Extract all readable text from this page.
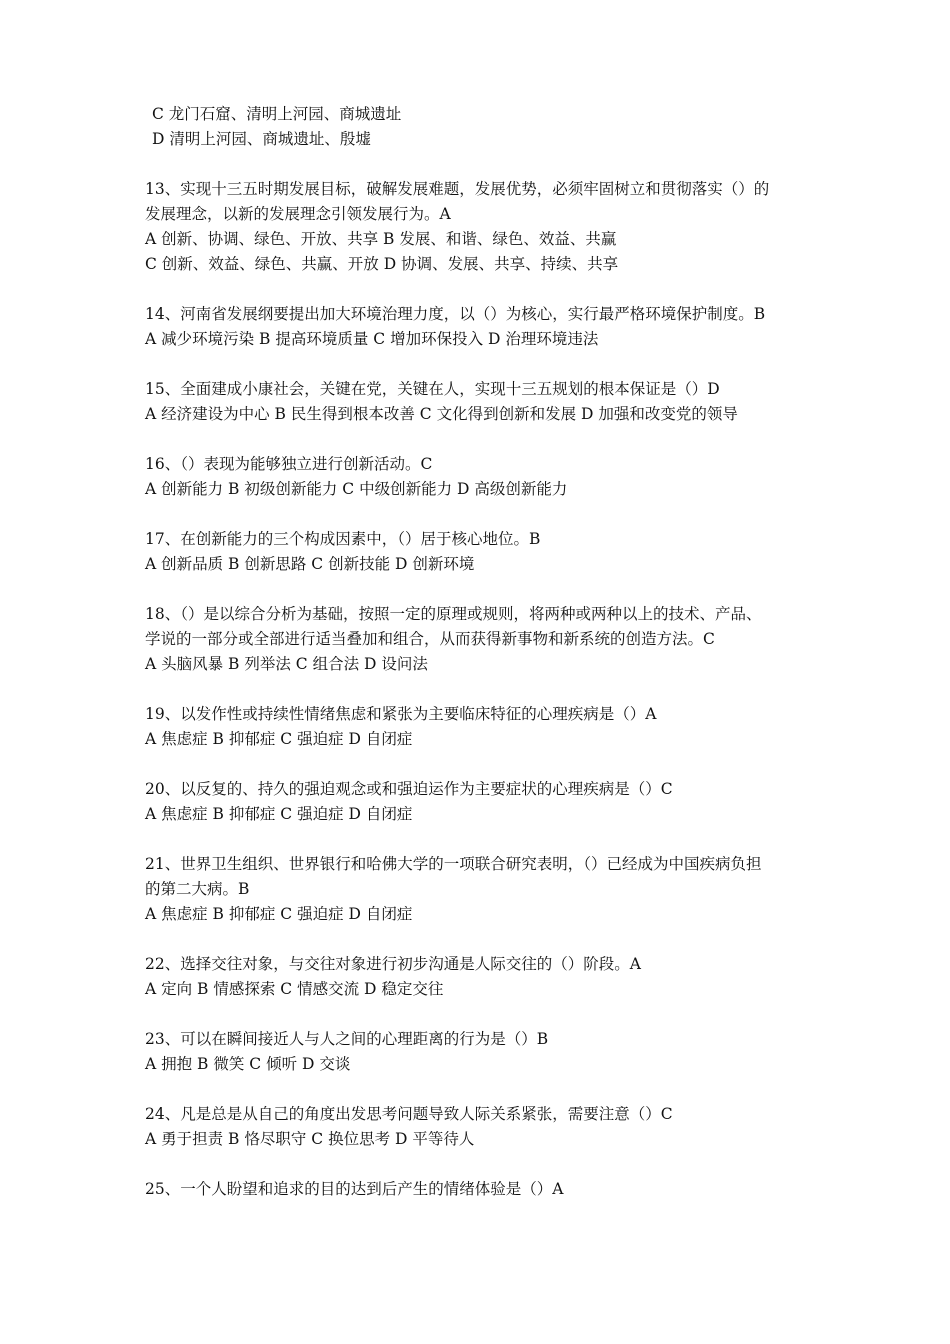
C 龙门石窟、清明上河园、商城遗址
D 清明上河园、商城遗址、殷墟
13、实现十三五时期发展目标，破解发展难题，发展优势，必须牢固树立和贯彻落实（）的
发展理念，以新的发展理念引领发展行为。A
A 创新、协调、绿色、开放、共享 B 发展、和谐、绿色、效益、共赢
C 创新、效益、绿色、共赢、开放 D 协调、发展、共享、持续、共享
14、河南省发展纲要提出加大环境治理力度，以（）为核心，实行最严格环境保护制度。B
A 减少环境污染 B 提高环境质量 C 增加环保投入 D 治理环境违法
15、全面建成小康社会，关键在党，关键在人，实现十三五规划的根本保证是（）D
A 经济建设为中心 B 民生得到根本改善 C 文化得到创新和发展 D 加强和改变党的领导
16、（）表现为能够独立进行创新活动。C
A 创新能力 B 初级创新能力 C 中级创新能力 D 高级创新能力
17、在创新能力的三个构成因素中，（）居于核心地位。B
A 创新品质 B 创新思路 C 创新技能 D 创新环境
18、（）是以综合分析为基础，按照一定的原理或规则，将两种或两种以上的技术、产品、
学说的一部分或全部进行适当叠加和组合，从而获得新事物和新系统的创造方法。C
A 头脑风暴 B 列举法 C 组合法 D 设问法
19、以发作性或持续性情绪焦虑和紧张为主要临床特征的心理疾病是（）A
A 焦虑症 B 抑郁症 C 强迫症 D 自闭症
20、以反复的、持久的强迫观念或和强迫运作为主要症状的心理疾病是（）C
A 焦虑症 B 抑郁症 C 强迫症 D 自闭症
21、世界卫生组织、世界银行和哈佛大学的一项联合研究表明，（）已经成为中国疾病负担
的第二大病。B
A 焦虑症 B 抑郁症 C 强迫症 D 自闭症
22、选择交往对象，与交往对象进行初步沟通是人际交往的（）阶段。A
A 定向 B 情感探索 C 情感交流 D 稳定交往
23、可以在瞬间接近人与人之间的心理距离的行为是（）B
A 拥抱 B 微笑 C 倾听 D 交谈
24、凡是总是从自己的角度出发思考问题导致人际关系紧张，需要注意（）C
A 勇于担责 B 恪尽职守 C 换位思考 D 平等待人
25、一个人盼望和追求的目的达到后产生的情绪体验是（）A
